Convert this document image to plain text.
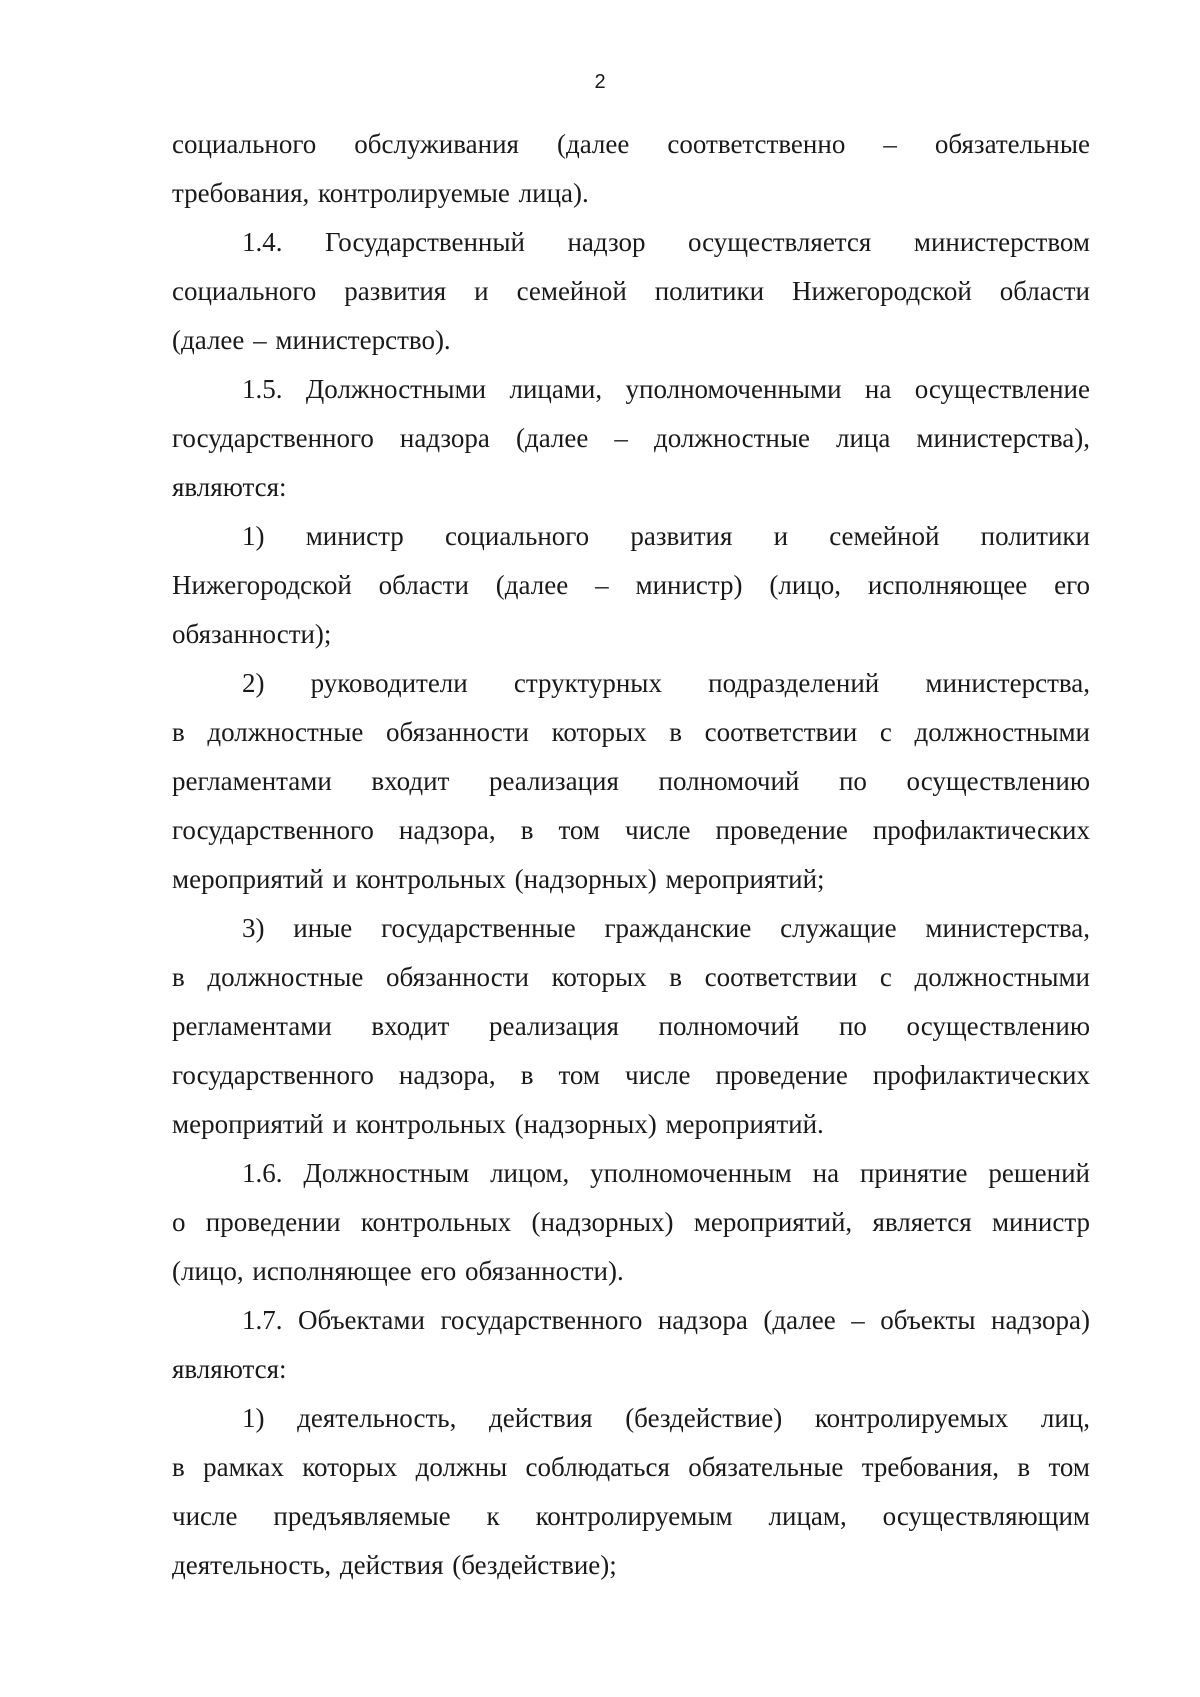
2

социального обслуживания (далее соответственно – обязательные
требования, контролируемые лица).

1.4. Государственный надзор осуществляется министерством
социального развития и семейной политики Нижегородской области
(далее – министерство).

1.5. Должностными лицами, уполномоченными на осуществление
государственного надзора (далее – должностные лица министерства),
являются:

1) министр социального развития и семейной политики
Нижегородской области (далее – министр) (лицо, исполняющее его
обязанности);

2) руководители структурных подразделений министерства,
в должностные обязанности которых в соответствии с должностными
регламентами входит реализация полномочий по осуществлению
государственного надзора, в том числе проведение профилактических
мероприятий и контрольных (надзорных) мероприятий;

3) иные государственные гражданские служащие министерства,
в должностные обязанности которых в соответствии с должностными
регламентами входит реализация полномочий по осуществлению
государственного надзора, в том числе проведение профилактических
мероприятий и контрольных (надзорных) мероприятий.

1.6. Должностным лицом, уполномоченным на принятие решений
о проведении контрольных (надзорных) мероприятий, является министр
(лицо, исполняющее его обязанности).

1.7. Объектами государственного надзора (далее – объекты надзора)
являются:

1) деятельность, действия (бездействие) контролируемых лиц,
в рамках которых должны соблюдаться обязательные требования, в том
числе предъявляемые к контролируемым лицам, осуществляющим
деятельность, действия (бездействие);
